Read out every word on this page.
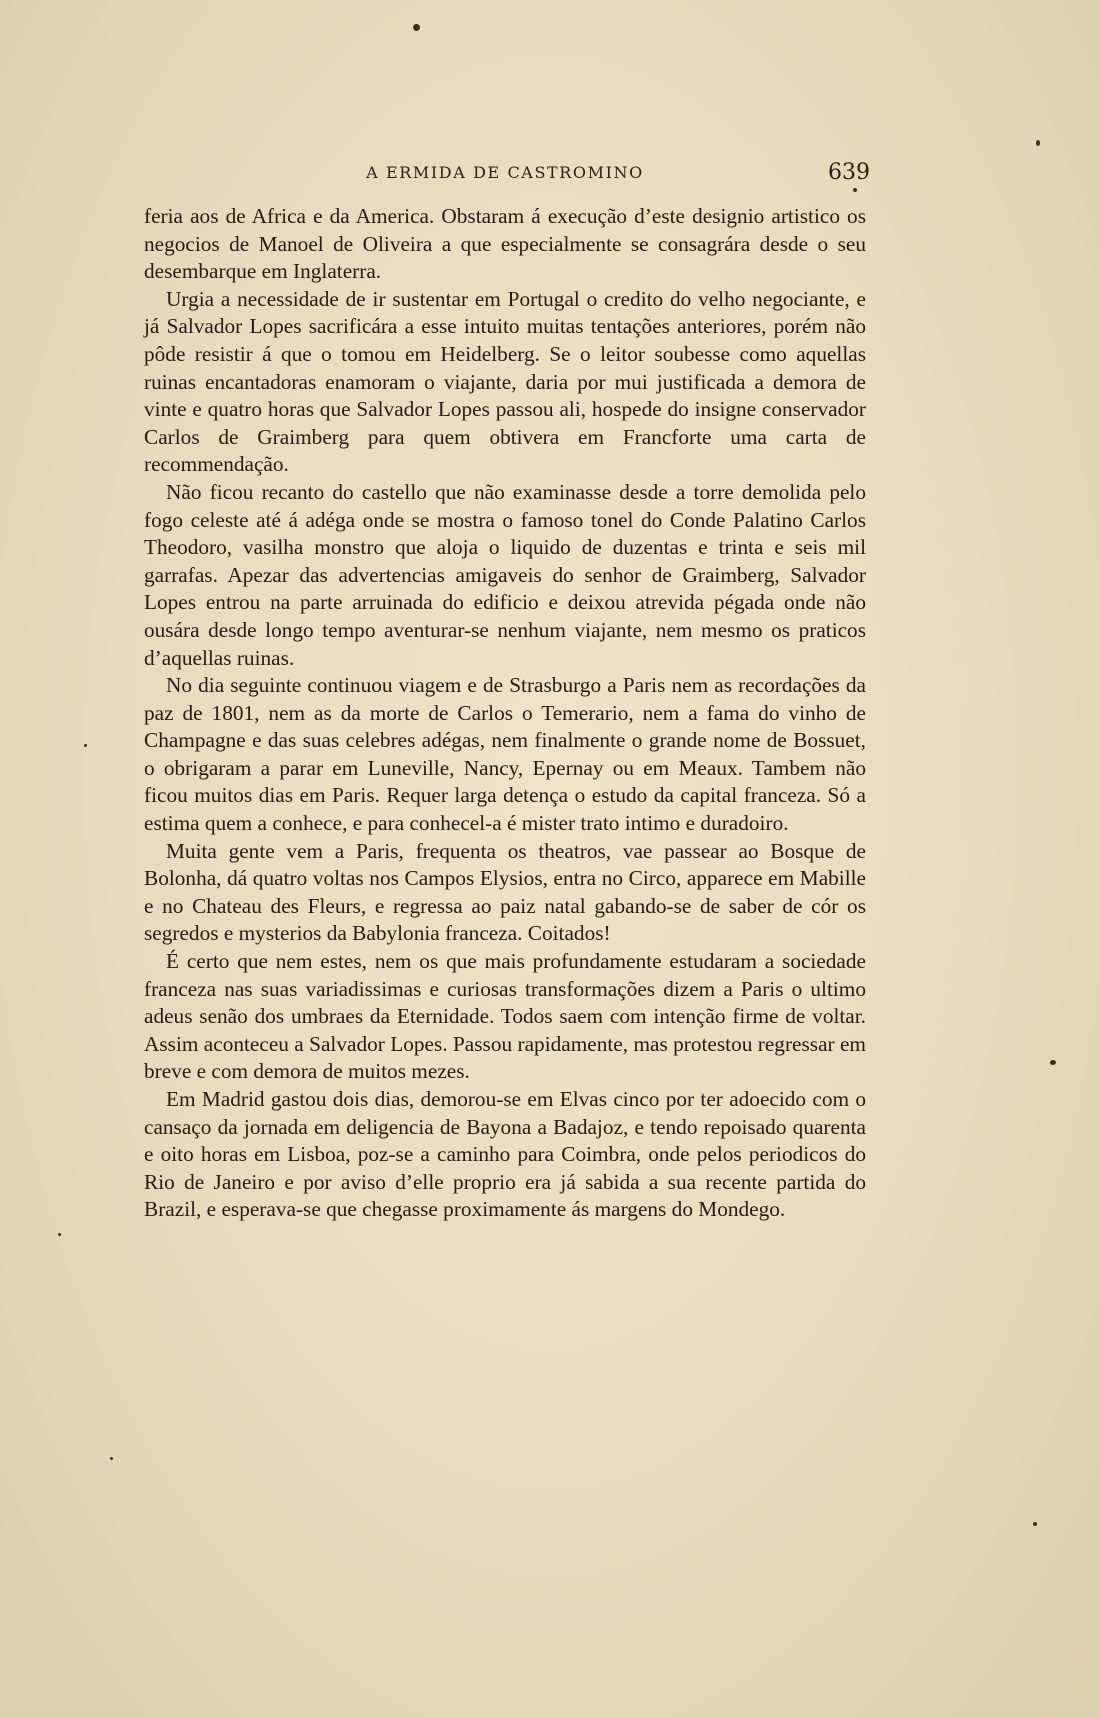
A ERMIDA DE CASTROMINO	639

feria aos de Africa e da America. Obstaram á execução d’este designio artistico os negocios de Manoel de Oliveira a que especialmente se consagrára desde o seu desembarque em Inglaterra.

Urgia a necessidade de ir sustentar em Portugal o credito do velho negociante, e já Salvador Lopes sacrificára a esse intuito muitas tentações anteriores, porém não pôde resistir á que o tomou em Heidelberg. Se o leitor soubesse como aquellas ruinas encantadoras enamoram o viajante, daria por mui justificada a demora de vinte e quatro horas que Salvador Lopes passou ali, hospede do insigne conservador Carlos de Graimberg para quem obtivera em Francforte uma carta de recommendação.

Não ficou recanto do castello que não examinasse desde a torre demolida pelo fogo celeste até á adéga onde se mostra o famoso tonel do Conde Palatino Carlos Theodoro, vasilha monstro que aloja o liquido de duzentas e trinta e seis mil garrafas. Apezar das advertencias amigaveis do senhor de Graimberg, Salvador Lopes entrou na parte arruinada do edificio e deixou atrevida pégada onde não ousára desde longo tempo aventurar-se nenhum viajante, nem mesmo os praticos d’aquellas ruinas.

No dia seguinte continuou viagem e de Strasburgo a Paris nem as recordações da paz de 1801, nem as da morte de Carlos o Temerario, nem a fama do vinho de Champagne e das suas celebres adégas, nem finalmente o grande nome de Bossuet, o obrigaram a parar em Luneville, Nancy, Epernay ou em Meaux. Tambem não ficou muitos dias em Paris. Requer larga detença o estudo da capital franceza. Só a estima quem a conhece, e para conhecel-a é mister trato intimo e duradoiro.

Muita gente vem a Paris, frequenta os theatros, vae passear ao Bosque de Bolonha, dá quatro voltas nos Campos Elysios, entra no Circo, apparece em Mabille e no Chateau des Fleurs, e regressa ao paiz natal gabando-se de saber de cór os segredos e mysterios da Babylonia franceza. Coitados!

É certo que nem estes, nem os que mais profundamente estudaram a sociedade franceza nas suas variadissimas e curiosas transformações dizem a Paris o ultimo adeus senão dos umbraes da Eternidade. Todos saem com intenção firme de voltar. Assim aconteceu a Salvador Lopes. Passou rapidamente, mas protestou regressar em breve e com demora de muitos mezes.

Em Madrid gastou dois dias, demorou-se em Elvas cinco por ter adoecido com o cansaço da jornada em deligencia de Bayona a Badajoz, e tendo repoisado quarenta e oito horas em Lisboa, poz-se a caminho para Coimbra, onde pelos periodicos do Rio de Janeiro e por aviso d’elle proprio era já sabida a sua recente partida do Brazil, e esperava-se que chegasse proximamente ás margens do Mondego.
